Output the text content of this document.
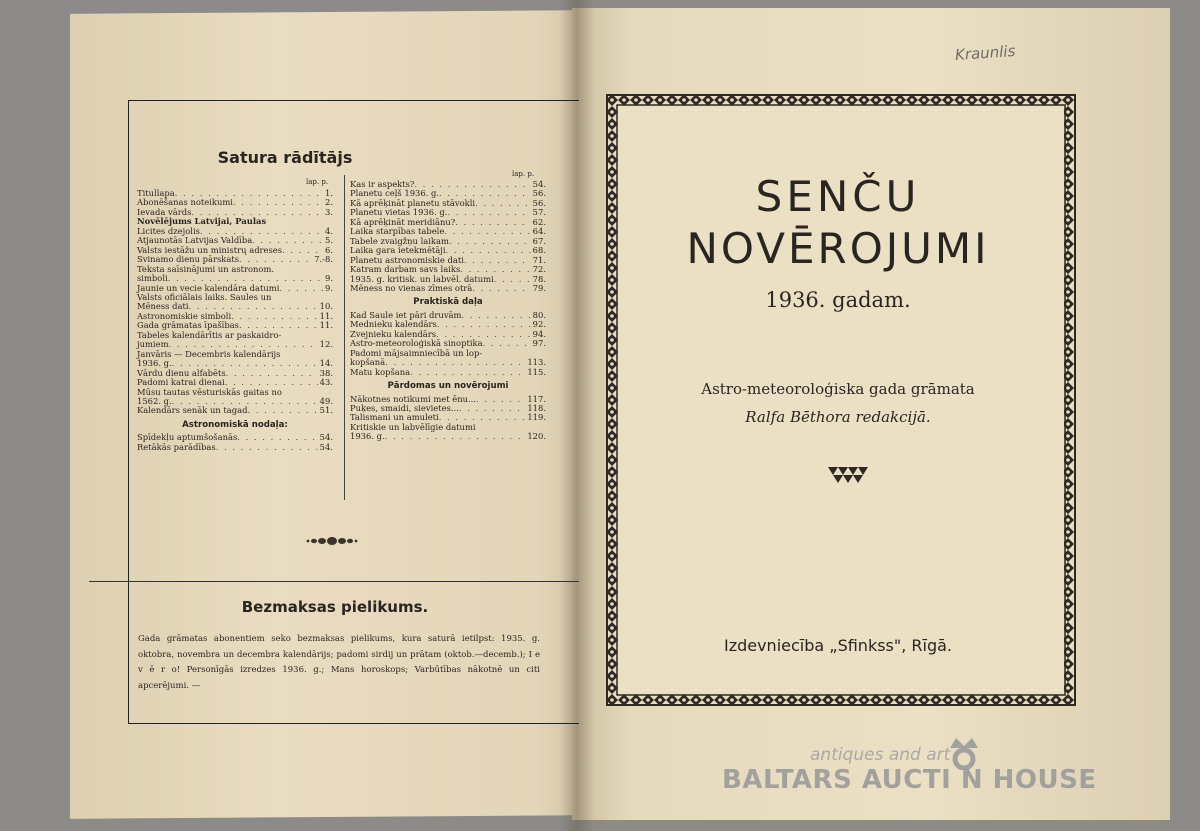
Satura rādītājs
lap. p.
lap. p.
Titullapa . . .	1.
Abonēšanas noteikumi . . .	2.
Ievada vārds . . .	3.
Novēlējums Latvijai, Paulas
Licites dzejolis . . .	4.
Atjaunotās Latvijas Valdība . . .	5.
Valsts iestāžu un ministrų adreses . . .	6.
Svinamo dienu pārskats . . .	7.-8.
Teksta saīsinājumi un astronom.
simboli . . .	9.
Jaunie un vecie kalendāra datumi . . .	9.
Valsts oficiālais laiks. Saules un
Mēness dati . . .	10.
Astronomiskie simboli . . .	11.
Gada grāmatas īpašības . . .	11.
Tabeles kalendārītis ar paskaidro-
jumiem . . .	12.
Janvāris — Decembris kalendārijs
1936. g. . . .	14.
Vārdu dienu alfabēts . . .	38.
Padomi katrai dienai . . .	43.
Mūsu tautas vēsturiskās gaitas no
1562. g. . . .	49.
Kalendārs senāk un tagad . . .	51.
Astronomiskā nodaļa:
Spīdekļu aptumšošanās . . .	54.
Retākās parādības . . .	54.
Kas ir aspekts? . . .	54.
Planetu ceļš 1936. g. . . .	56.
Kā aprēķināt planetu stāvokli . . .	56.
Planetu vietas 1936. g. . . .	57.
Kā aprēķināt meridiānu? . . .	62.
Laika starpības tabele . . .	64.
Tabele zvaigžņu laikam . . .	67.
Laika gara ietekmētāji . . .	68.
Planetu astronomiskie dati . . .	71.
Katram darbam savs laiks . . .	72.
1935. g. kritisk. un labvēl. datumi . . .	78.
Mēness no vienas zīmes otrā . . .	79.
Praktiskā daļa
Kad Saule iet pāri druvām . . .	80.
Mednieku kalendārs . . .	92.
Zvejnieku kalendārs . . .	94.
Astro-meteoroloģiskā sinoptika . . .	97.
Padomi mājsaimniecībā un lop-
kopšanā . . .	113.
Matu kopšana . . .	115.
Pārdomas un novērojumi
Nākotnes notikumi met ēnu... . . .	117.
Puķes, smaidi, sievietes... . . .	118.
Talismani un amuleti . . .	119.
Kritiskie un labvēlīgie datumi
1936. g. . . .	120.
Bezmaksas pielikums.
Gada grāmatas abonentiem seko bezmaksas pielikums, kura saturā ietilpst: 1935. g. oktobra, novembra un decembra kalendārijs; padomi sirdij un prātam (oktob.—decemb.); I e v ē r o! Personīgās izredzes 1936. g.; Mans horoskops; Varbūtības nākotnē un citi apcerējumi. —
Kraunlis
SENČU
NOVĒROJUMI
1936. gadam.
Astro-meteoroloģiska gada grāmata
Ralfa Bēthora redakcijā.
Izdevniecība „Sfinkss", Rīgā.
antiques and art
BALTARS AUCTI N HOUSE
